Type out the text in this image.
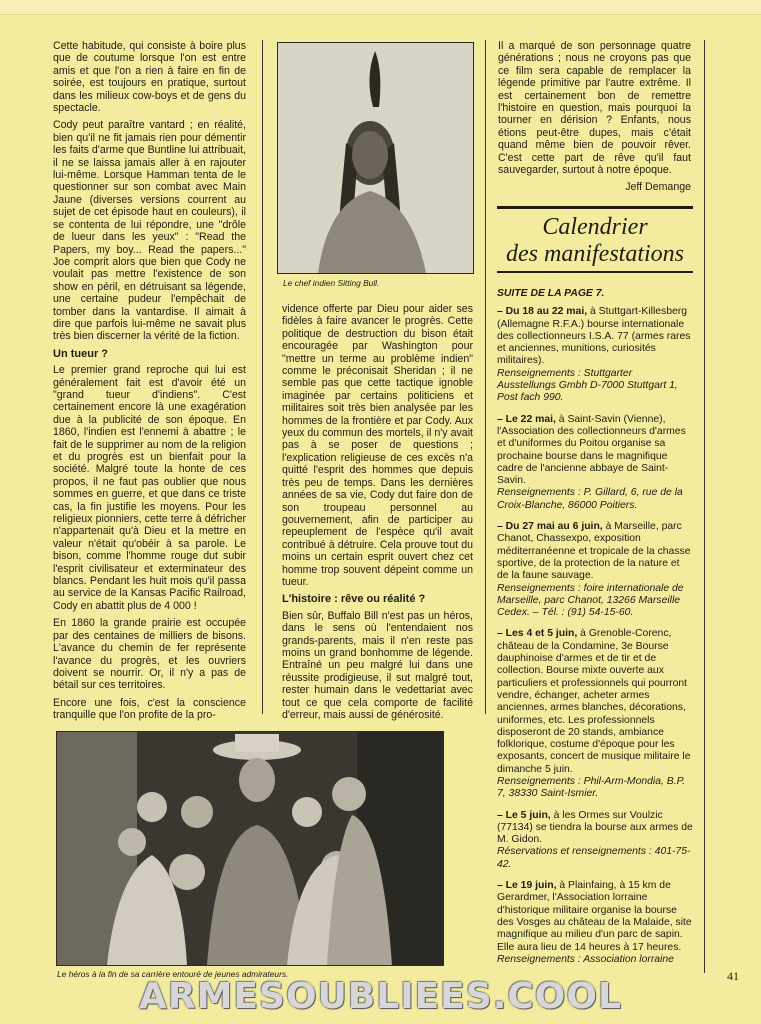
Cette habitude, qui consiste à boire plus que de coutume lorsque l'on est entre amis et que l'on a rien à faire en fin de soirée, est toujours en pratique, surtout dans les milieux cow-boys et de gens du spectacle.

Cody peut paraître vantard ; en réalité, bien qu'il ne fit jamais rien pour démentir les faits d'arme que Buntline lui attribuait, il ne se laissa jamais aller à en rajouter lui-même. Lorsque Hamman tenta de le questionner sur son combat avec Main Jaune (diverses versions courrent au sujet de cet épisode haut en couleurs), il se contenta de lui répondre, une "drôle de lueur dans les yeux" : "Read the Papers, my boy... Read the papers..." Joe comprit alors que bien que Cody ne voulait pas mettre l'existence de son show en péril, en détruisant sa légende, une certaine pudeur l'empêchait de tomber dans la vantardise. Il aimait à dire que parfois lui-même ne savait plus très bien discerner la vérité de la fiction.

Un tueur ?

Le premier grand reproche qui lui est généralement fait est d'avoir été un "grand tueur d'indiens". C'est certainement encore là une exagération due à la publicité de son époque. En 1860, l'indien est l'ennemi à abattre ; le fait de le supprimer au nom de la religion et du progrès est un bienfait pour la société. Malgré toute la honte de ces propos, il ne faut pas oublier que nous sommes en guerre, et que dans ce triste cas, la fin justifie les moyens. Pour les religieux pionniers, cette terre à défricher n'appartenait qu'à Dieu et la mettre en valeur n'était qu'obéir à sa parole. Le bison, comme l'homme rouge dut subir l'esprit civilisateur et exterminateur des blancs. Pendant les huit mois qu'il passa au service de la Kansas Pacific Railroad, Cody en abattit plus de 4 000 !

En 1860 la grande prairie est occupée par des centaines de milliers de bisons. L'avance du chemin de fer représente l'avance du progrès, et les ouvriers doivent se nourrir. Or, il n'y a pas de bétail sur ces territoires.

Encore une fois, c'est la conscience tranquille que l'on profite de la pro-

Le chef indien Sitting Bull.

vidence offerte par Dieu pour aider ses fidèles à faire avancer le progrès. Cette politique de destruction du bison était encouragée par Washington pour "mettre un terme au problème indien" comme le préconisait Sheridan ; il ne semble pas que cette tactique ignoble imaginée par certains politiciens et militaires soit très bien analysée par les hommes de la frontière et par Cody. Aux yeux du commun des mortels, il n'y avait pas à se poser de questions ; l'explication religieuse de ces excès n'a quitté l'esprit des hommes que depuis très peu de temps. Dans les dernières années de sa vie, Cody dut faire don de son troupeau personnel au gouvernement, afin de participer au repeuplement de l'espèce qu'il avait contribué à détruire. Cela prouve tout du moins un certain esprit ouvert chez cet homme trop souvent dépeint comme un tueur.

L'histoire : rêve ou réalité ?

Bien sûr, Buffalo Bill n'est pas un héros, dans le sens où l'entendaient nos grands-parents, mais il n'en reste pas moins un grand bonhomme de légende. Entraîné un peu malgré lui dans une réussite prodigieuse, il sut malgré tout, rester humain dans le vedettariat avec tout ce que cela comporte de facilité d'erreur, mais aussi de générosité.

Il a marqué de son personnage quatre générations ; nous ne croyons pas que ce film sera capable de remplacer la légende primitive par l'autre extrême. Il est certainement bon de remettre l'histoire en question, mais pourquoi la tourner en dérision ? Enfants, nous étions peut-être dupes, mais c'était quand même bien de pouvoir rêver. C'est cette part de rêve qu'il faut sauvegarder, surtout à notre époque.

Jeff Demange
Calendrier
des manifestations

SUITE DE LA PAGE 7.

– Du 18 au 22 mai, à Stuttgart-Killesberg (Allemagne R.F.A.) bourse internationale des collectionneurs I.S.A. 77 (armes rares et anciennes, munitions, curiosités militaires).
Renseignements : Stuttgarter Ausstellungs Gmbh D-7000 Stuttgart 1, Post fach 990.

– Le 22 mai, à Saint-Savin (Vienne), l'Association des collectionneurs d'armes et d'uniformes du Poitou organise sa prochaine bourse dans le magnifique cadre de l'ancienne abbaye de Saint-Savin.
Renseignements : P. Gillard, 6, rue de la Croix-Blanche, 86000 Poitiers.

– Du 27 mai au 6 juin, à Marseille, parc Chanot, Chassexpo, exposition méditerranéenne et tropicale de la chasse sportive, de la protection de la nature et de la faune sauvage.
Renseignements : foire internationale de Marseille, parc Chanot, 13266 Marseille Cedex. – Tél. : (91) 54-15-60.

– Les 4 et 5 juin, à Grenoble-Corenc, château de la Condamine, 3e Bourse dauphinoise d'armes et de tir et de collection. Bourse mixte ouverte aux particuliers et professionnels qui pourront vendre, échanger, acheter armes anciennes, armes blanches, décorations, uniformes, etc. Les professionnels disposeront de 20 stands, ambiance folklorique, costume d'époque pour les exposants, concert de musique militaire le dimanche 5 juin.
Renseignements : Phil-Arm-Mondia, B.P. 7, 38330 Saint-Ismier.

– Le 5 juin, à les Ormes sur Voulzic (77134) se tiendra la bourse aux armes de M. Gidon.
Réservations et renseignements : 401-75-42.

– Le 19 juin, à Plainfaing, à 15 km de Gerardmer, l'Association lorraine d'historique militaire organise la bourse des Vosges au château de la Malaide, site magnifique au milieu d'un parc de sapin. Elle aura lieu de 14 heures à 17 heures.
Renseignements : Association lorraine

Le héros à la fin de sa carrière entouré de jeunes admirateurs.	41
ARMESOUBLIEES.COOL
